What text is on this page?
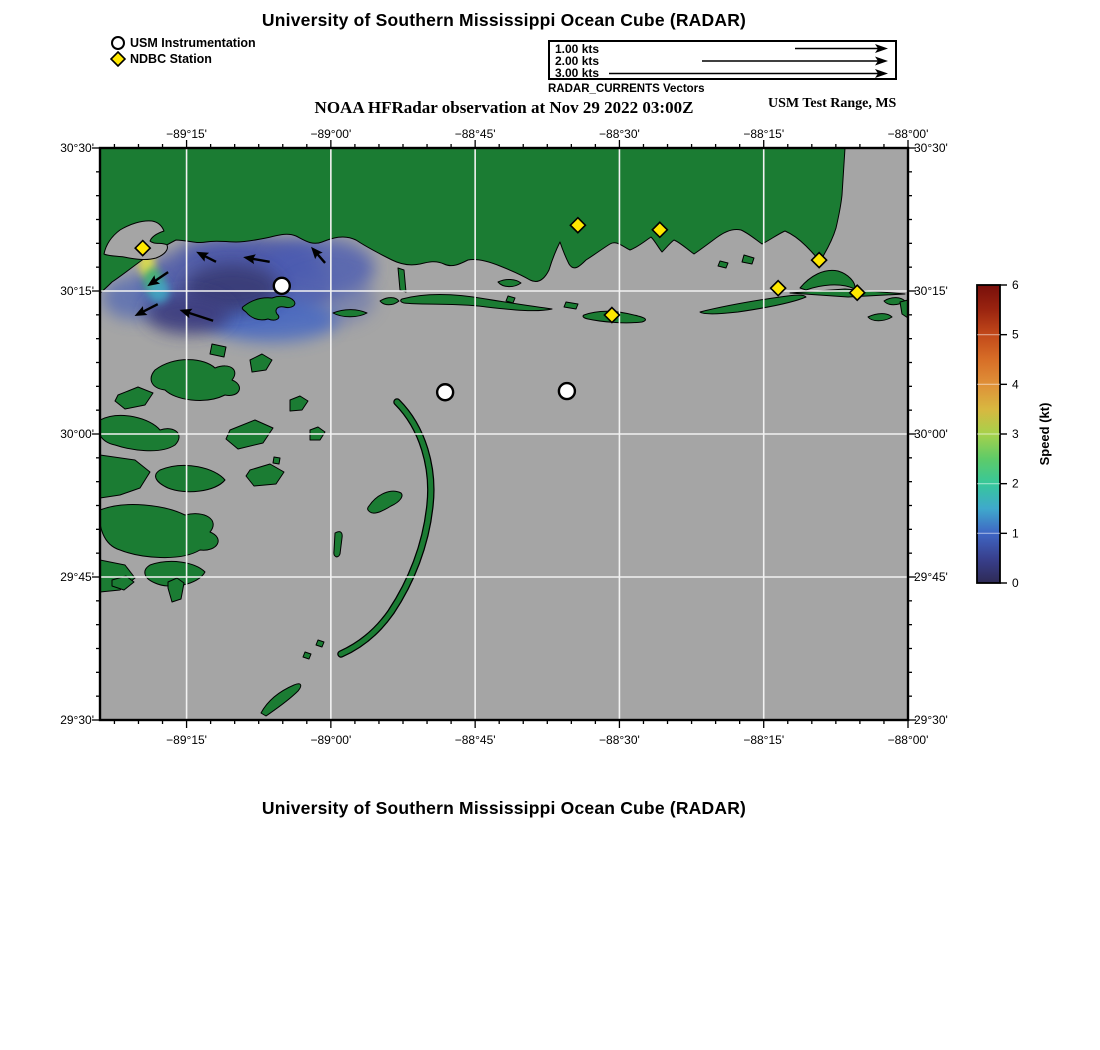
University of Southern Mississippi Ocean Cube (RADAR)
USM Instrumentation
NDBC Station
1.00 kts
2.00 kts
3.00 kts
RADAR_CURRENTS Vectors
NOAA HFRadar observation at Nov 29 2022 03:00Z	USM Test Range, MS
−89°15'
−89°15'
−89°00'
−89°00'
−88°45'
−88°45'
−88°30'
−88°30'
−88°15'
−88°15'
−88°00'
−88°00'
30°30'	30°30'
30°15'	30°15'
30°00'	30°00'
29°45'	29°45'
29°30'	29°30'
6
5
4
3
2
1
0
Speed (kt)
University of Southern Mississippi Ocean Cube (RADAR)
